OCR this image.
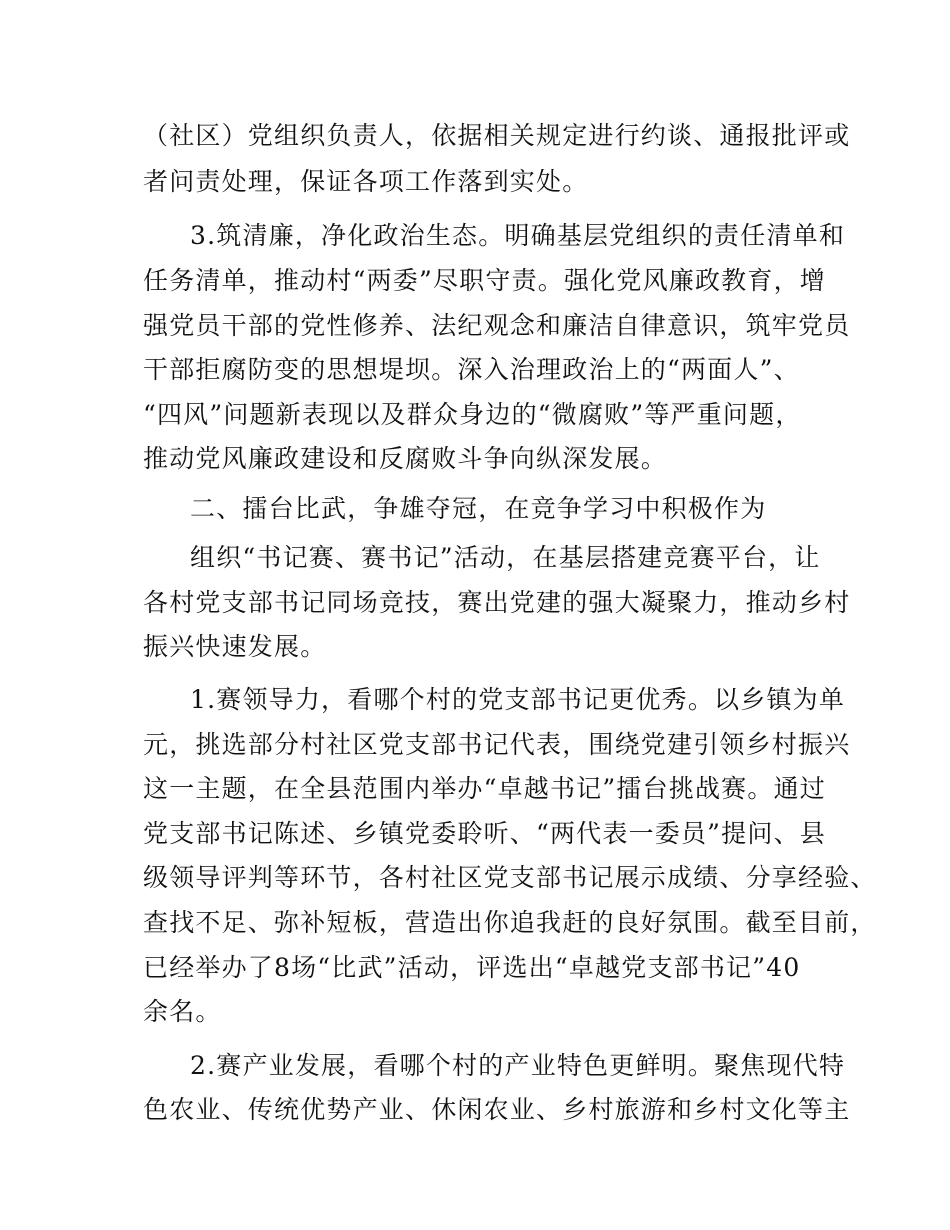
（社区）党组织负责人，依据相关规定进行约谈、通报批评或
者问责处理，保证各项工作落到实处。
3.筑清廉，净化政治生态。明确基层党组织的责任清单和
任务清单，推动村“两委”尽职守责。强化党风廉政教育，增
强党员干部的党性修养、法纪观念和廉洁自律意识，筑牢党员
干部拒腐防变的思想堤坝。深入治理政治上的“两面人”、
“四风”问题新表现以及群众身边的“微腐败”等严重问题，
推动党风廉政建设和反腐败斗争向纵深发展。
二、擂台比武，争雄夺冠，在竞争学习中积极作为
组织“书记赛、赛书记”活动，在基层搭建竞赛平台，让
各村党支部书记同场竞技，赛出党建的强大凝聚力，推动乡村
振兴快速发展。
1.赛领导力，看哪个村的党支部书记更优秀。以乡镇为单
元，挑选部分村社区党支部书记代表，围绕党建引领乡村振兴
这一主题，在全县范围内举办“卓越书记”擂台挑战赛。通过
党支部书记陈述、乡镇党委聆听、“两代表一委员”提问、县
级领导评判等环节，各村社区党支部书记展示成绩、分享经验、
查找不足、弥补短板，营造出你追我赶的良好氛围。截至目前，
已经举办了8场“比武”活动，评选出“卓越党支部书记”40
余名。
2.赛产业发展，看哪个村的产业特色更鲜明。聚焦现代特
色农业、传统优势产业、休闲农业、乡村旅游和乡村文化等主
